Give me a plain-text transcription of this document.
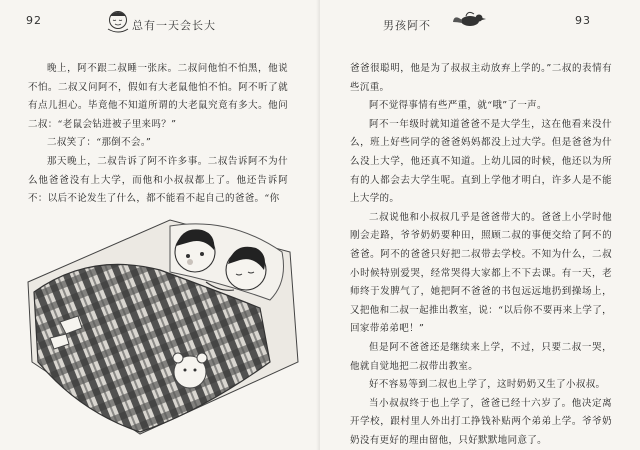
92	总有一天会长大

晚上，阿不跟二叔睡一张床。二叔问他怕不怕黑，他说不怕。二叔又问阿不，假如有大老鼠他怕不怕。阿不听了就有点儿担心。毕竟他不知道所谓的大老鼠究竟有多大。他问二叔：“老鼠会钻进被子里来吗？”

二叔笑了：“那倒不会。”

那天晚上，二叔告诉了阿不许多事。二叔告诉阿不为什么他爸爸没有上大学，而他和小叔叔都上了。他还告诉阿不：以后不论发生了什么，都不能看不起自己的爸爸。“你

男孩阿不	93

爸爸很聪明，他是为了叔叔主动放弃上学的。”二叔的表情有些沉重。

阿不觉得事情有些严重，就“哦”了一声。

阿不一年级时就知道爸爸不是大学生，这在他看来没什么，班上好些同学的爸爸妈妈都没上过大学。但是爸爸为什么没上大学，他还真不知道。上幼儿园的时候，他还以为所有的人都会去大学生呢。直到上学他才明白，许多人是不能上大学的。

二叔说他和小叔叔几乎是爸爸带大的。爸爸上小学时他刚会走路，爷爷奶奶要种田，照顾二叔的事便交给了阿不的爸爸。阿不的爸爸只好把二叔带去学校。不知为什么，二叔小时候特别爱哭，经常哭得大家都上不下去课。有一天，老师终于发脾气了，她把阿不爸爸的书包远远地扔到操场上，又把他和二叔一起推出教室，说：“以后你不要再来上学了，回家带弟弟吧！”

但是阿不爸爸还是继续来上学，不过，只要二叔一哭，他就自觉地把二叔带出教室。

好不容易等到二叔也上学了，这时奶奶又生了小叔叔。

当小叔叔终于也上学了，爸爸已经十六岁了。他决定离开学校，跟村里人外出打工挣钱补贴两个弟弟上学。爷爷奶奶没有更好的理由留他，只好默默地同意了。
